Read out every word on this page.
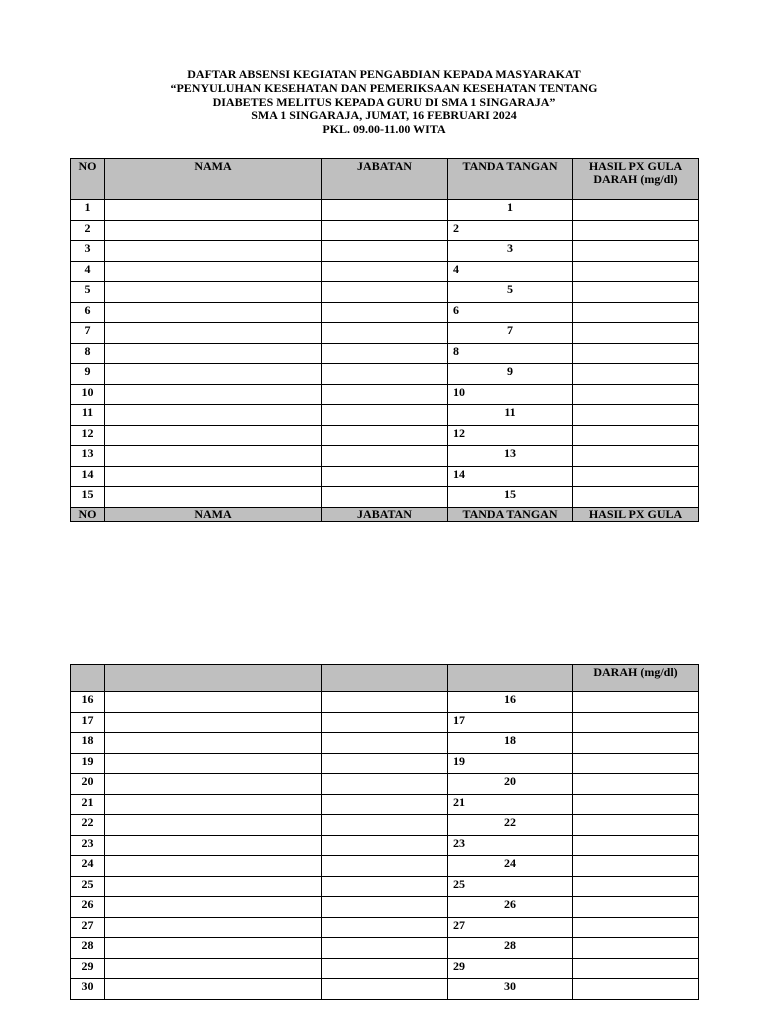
DAFTAR ABSENSI KEGIATAN PENGABDIAN KEPADA MASYARAKAT
“PENYULUHAN KESEHATAN DAN PEMERIKSAAN KESEHATAN TENTANG
DIABETES MELITUS KEPADA GURU DI SMA 1 SINGARAJA”
SMA 1 SINGARAJA, JUMAT, 16 FEBRUARI 2024
PKL. 09.00-11.00 WITA
NO	NAMA	JABATAN	TANDA TANGAN	HASIL PX GULA
DARAH (mg/dl)
1			1	
2			2	
3			3	
4			4	
5			5	
6			6	
7			7	
8			8	
9			9	
10			10	
11			11	
12			12	
13			13	
14			14	
15			15	
NO	NAMA	JABATAN	TANDA TANGAN	HASIL PX GULA
				DARAH (mg/dl)
16			16	
17			17	
18			18	
19			19	
20			20	
21			21	
22			22	
23			23	
24			24	
25			25	
26			26	
27			27	
28			28	
29			29	
30			30	
